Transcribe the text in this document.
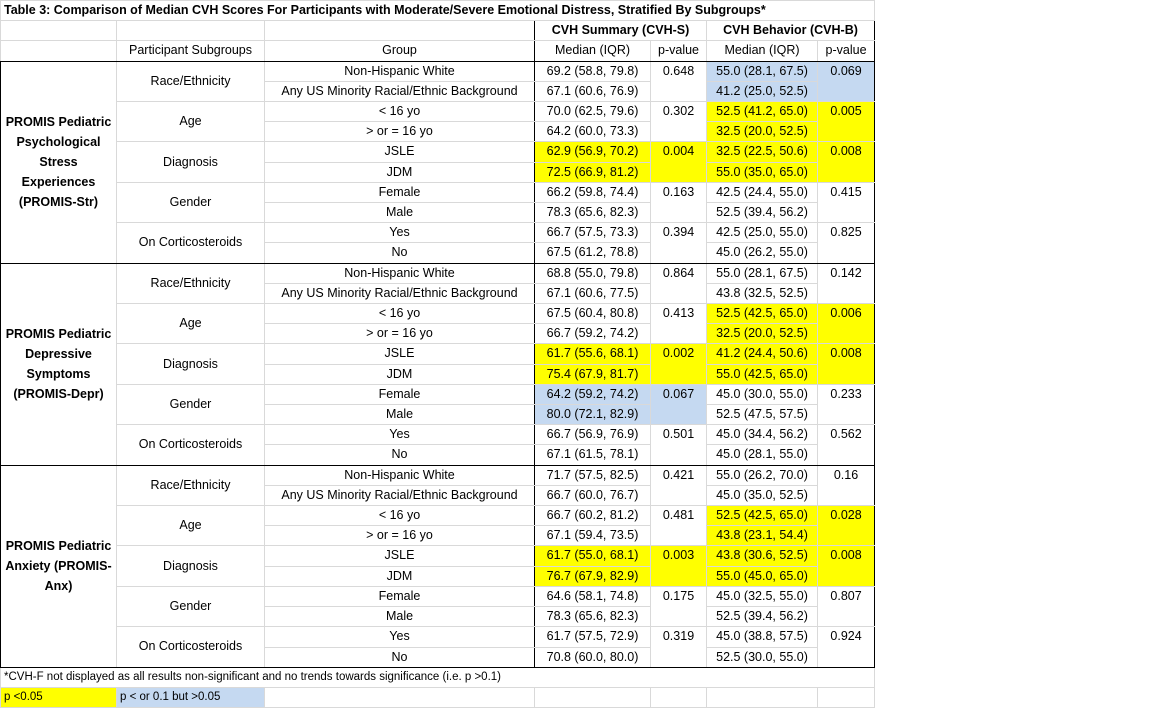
Table 3: Comparison of Median CVH Scores For Participants with Moderate/Severe Emotional Distress, Stratified By Subgroups*						
			CVH Summary (CVH-S)		CVH Behavior (CVH-B)	
	Participant Subgroups	Group	Median (IQR)	p-value	Median (IQR)	p-value
PROMIS Pediatric Psychological Stress Experiences (PROMIS-Str)	Race/Ethnicity	Non-Hispanic White	69.2 (58.8, 79.8)	0.648	55.0 (28.1, 67.5)	0.069
		Any US Minority Racial/Ethnic Background	67.1 (60.6, 76.9)		41.2 (25.0, 52.5)	
	Age	< 16 yo	70.0 (62.5, 79.6)	0.302	52.5 (41.2, 65.0)	0.005
		> or = 16 yo	64.2 (60.0, 73.3)		32.5 (20.0, 52.5)	
	Diagnosis	JSLE	62.9 (56.9, 70.2)	0.004	32.5 (22.5, 50.6)	0.008
		JDM	72.5 (66.9, 81.2)		55.0 (35.0, 65.0)	
	Gender	Female	66.2 (59.8, 74.4)	0.163	42.5 (24.4, 55.0)	0.415
		Male	78.3 (65.6, 82.3)		52.5 (39.4, 56.2)	
	On Corticosteroids	Yes	66.7 (57.5, 73.3)	0.394	42.5 (25.0, 55.0)	0.825
		No	67.5 (61.2, 78.8)		45.0 (26.2, 55.0)	
PROMIS Pediatric Depressive Symptoms (PROMIS-Depr)	Race/Ethnicity	Non-Hispanic White	68.8 (55.0, 79.8)	0.864	55.0 (28.1, 67.5)	0.142
		Any US Minority Racial/Ethnic Background	67.1 (60.6, 77.5)		43.8 (32.5, 52.5)	
	Age	< 16 yo	67.5 (60.4, 80.8)	0.413	52.5 (42.5, 65.0)	0.006
		> or = 16 yo	66.7 (59.2, 74.2)		32.5 (20.0, 52.5)	
	Diagnosis	JSLE	61.7 (55.6, 68.1)	0.002	41.2 (24.4, 50.6)	0.008
		JDM	75.4 (67.9, 81.7)		55.0 (42.5, 65.0)	
	Gender	Female	64.2 (59.2, 74.2)	0.067	45.0 (30.0, 55.0)	0.233
		Male	80.0 (72.1, 82.9)		52.5 (47.5, 57.5)	
	On Corticosteroids	Yes	66.7 (56.9, 76.9)	0.501	45.0 (34.4, 56.2)	0.562
		No	67.1 (61.5, 78.1)		45.0 (28.1, 55.0)	
PROMIS Pediatric Anxiety (PROMIS-Anx)	Race/Ethnicity	Non-Hispanic White	71.7 (57.5, 82.5)	0.421	55.0 (26.2, 70.0)	0.16
		Any US Minority Racial/Ethnic Background	66.7 (60.0, 76.7)		45.0 (35.0, 52.5)	
	Age	< 16 yo	66.7 (60.2, 81.2)	0.481	52.5 (42.5, 65.0)	0.028
		> or = 16 yo	67.1 (59.4, 73.5)		43.8 (23.1, 54.4)	
	Diagnosis	JSLE	61.7 (55.0, 68.1)	0.003	43.8 (30.6, 52.5)	0.008
		JDM	76.7 (67.9, 82.9)		55.0 (45.0, 65.0)	
	Gender	Female	64.6 (58.1, 74.8)	0.175	45.0 (32.5, 55.0)	0.807
		Male	78.3 (65.6, 82.3)		52.5 (39.4, 56.2)	
	On Corticosteroids	Yes	61.7 (57.5, 72.9)	0.319	45.0 (38.8, 57.5)	0.924
		No	70.8 (60.0, 80.0)		52.5 (30.0, 55.0)	
*CVH-F not displayed as all results non-significant and no trends towards significance (i.e. p >0.1)						
p <0.05	p < or 0.1 but >0.05					
